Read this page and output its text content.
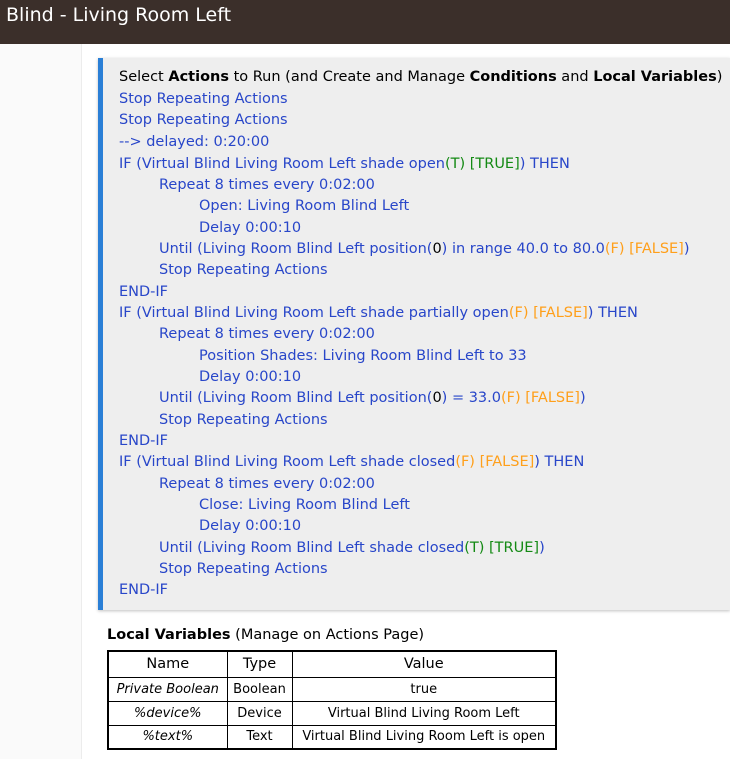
Blind - Living Room Left
Select Actions to Run (and Create and Manage Conditions and Local Variables)
Stop Repeating Actions
Stop Repeating Actions
--> delayed: 0:20:00
IF (Virtual Blind Living Room Left shade open(T) [TRUE]) THEN
Repeat 8 times every 0:02:00
Open: Living Room Blind Left
Delay 0:00:10
Until (Living Room Blind Left position(0) in range 40.0 to 80.0(F) [FALSE])
Stop Repeating Actions
END-IF
IF (Virtual Blind Living Room Left shade partially open(F) [FALSE]) THEN
Repeat 8 times every 0:02:00
Position Shades: Living Room Blind Left to 33
Delay 0:00:10
Until (Living Room Blind Left position(0) = 33.0(F) [FALSE])
Stop Repeating Actions
END-IF
IF (Virtual Blind Living Room Left shade closed(F) [FALSE]) THEN
Repeat 8 times every 0:02:00
Close: Living Room Blind Left
Delay 0:00:10
Until (Living Room Blind Left shade closed(T) [TRUE])
Stop Repeating Actions
END-IF
Local Variables (Manage on Actions Page)
Name	Type	Value
Private Boolean	Boolean	true
%device%	Device	Virtual Blind Living Room Left
%text%	Text	Virtual Blind Living Room Left is open
